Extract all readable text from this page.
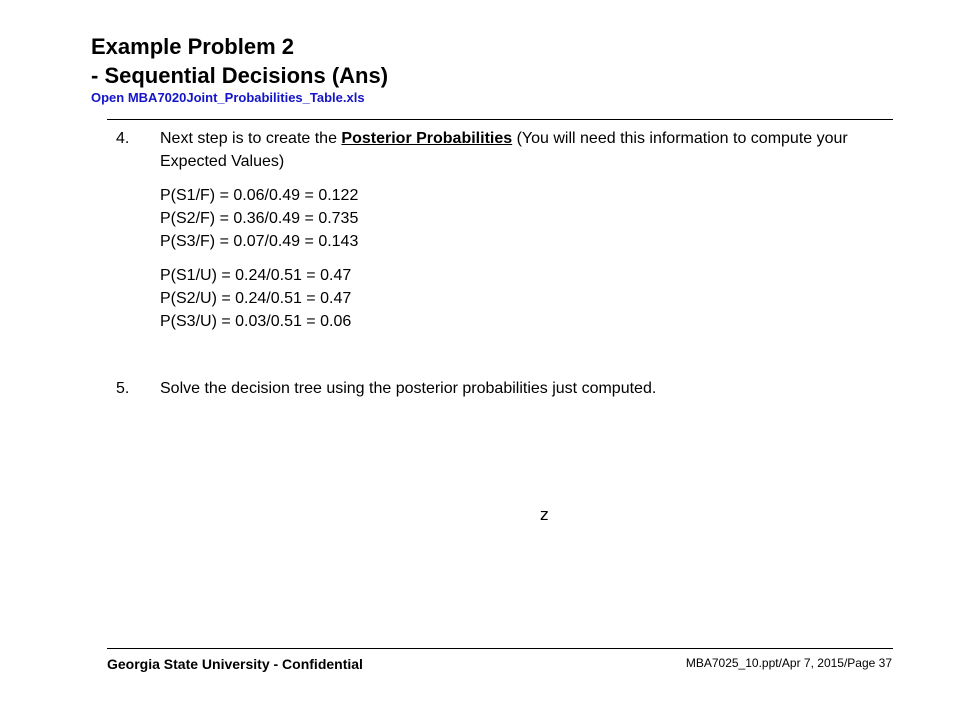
Example Problem 2
- Sequential Decisions (Ans)
Open MBA7020Joint_Probabilities_Table.xls
4. Next step is to create the Posterior Probabilities (You will need this information to compute your Expected Values)
P(S1/F) = 0.06/0.49 = 0.122
P(S2/F) = 0.36/0.49 = 0.735
P(S3/F) = 0.07/0.49 = 0.143
P(S1/U) = 0.24/0.51 = 0.47
P(S2/U) = 0.24/0.51 = 0.47
P(S3/U) = 0.03/0.51 = 0.06
5. Solve the decision tree using the posterior probabilities just computed.
z
Georgia State University - Confidential	MBA7025_10.ppt/Apr 7, 2015/Page 37
